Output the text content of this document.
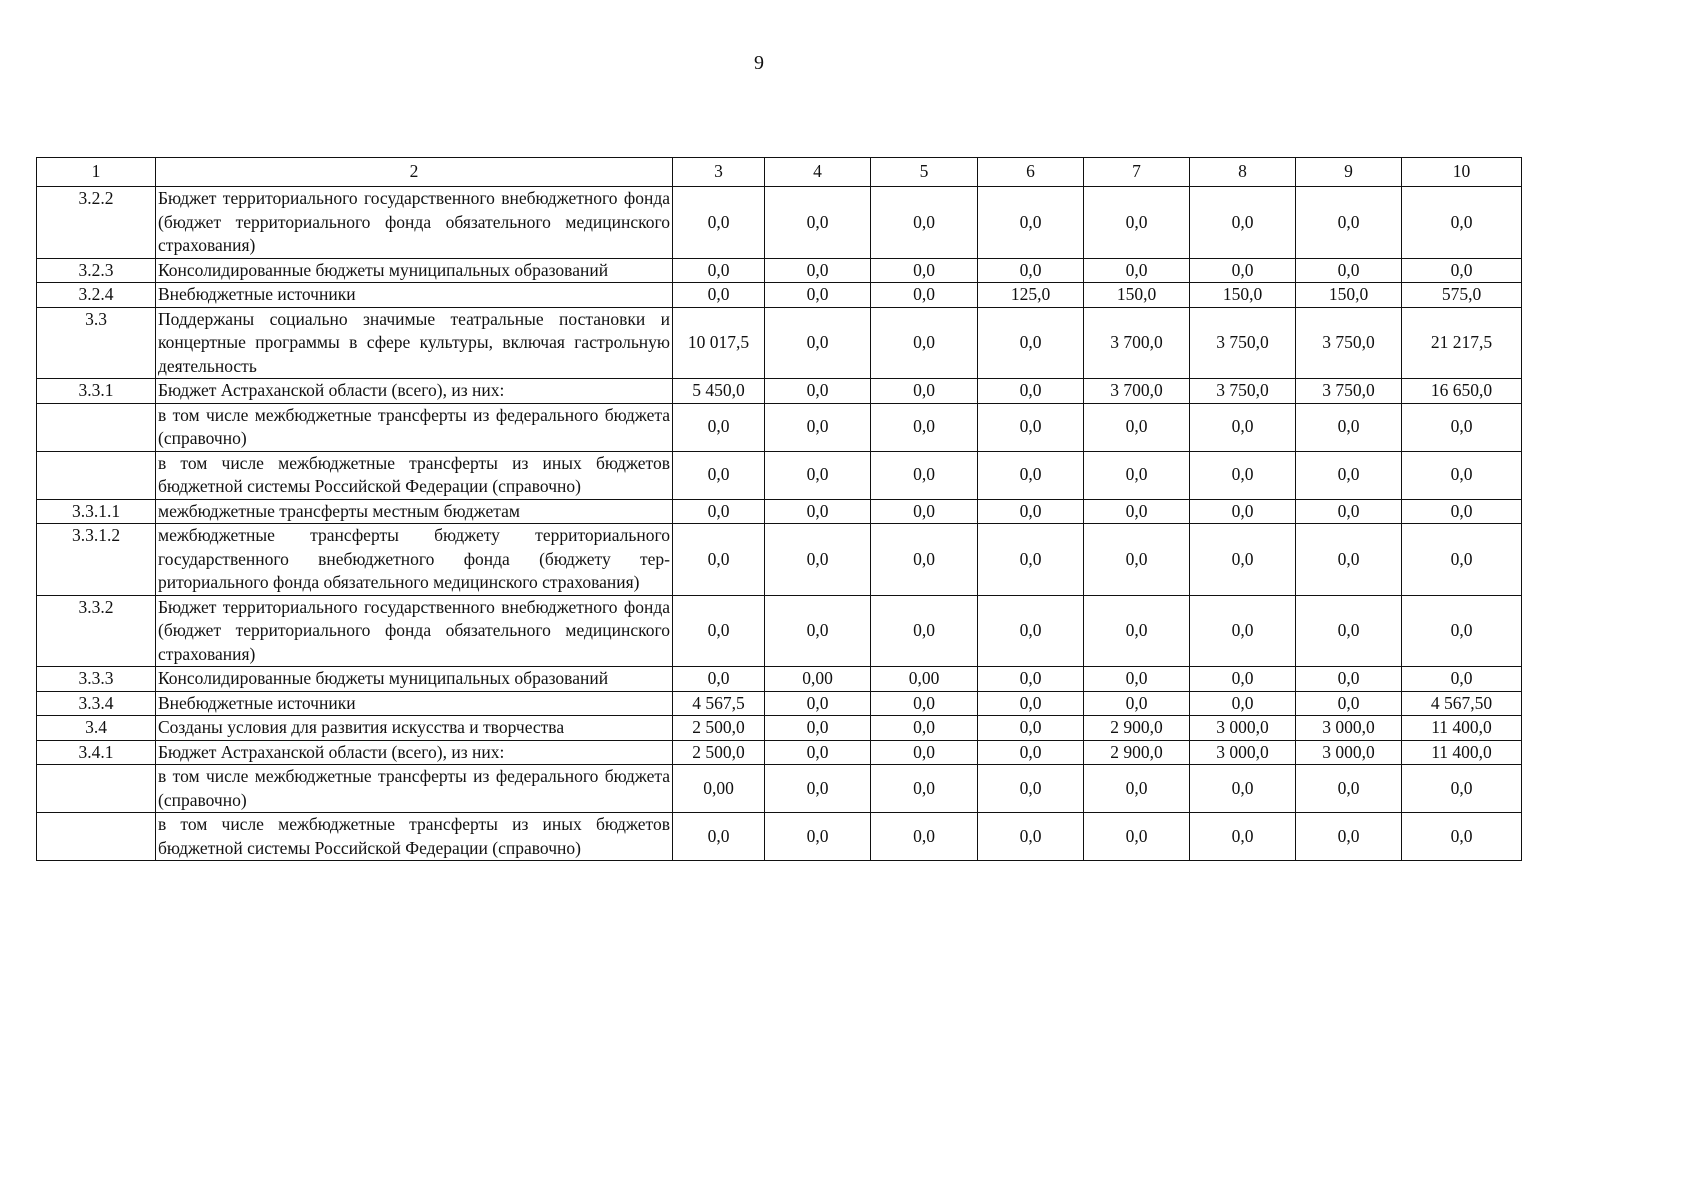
9
1	2	3	4	5	6	7	8	9	10
3.2.2	Бюджет территориального государственного внебюджетного фонда (бюджет территориального фонда обязательного медицинского страхования)	0,0	0,0	0,0	0,0	0,0	0,0	0,0	0,0
3.2.3	Консолидированные бюджеты муниципальных образований	0,0	0,0	0,0	0,0	0,0	0,0	0,0	0,0
3.2.4	Внебюджетные источники	0,0	0,0	0,0	125,0	150,0	150,0	150,0	575,0
3.3	Поддержаны социально значимые театральные постановки и концертные программы в сфере культуры, включая гастрольную деятельность	10 017,5	0,0	0,0	0,0	3 700,0	3 750,0	3 750,0	21 217,5
3.3.1	Бюджет Астраханской области (всего), из них:	5 450,0	0,0	0,0	0,0	3 700,0	3 750,0	3 750,0	16 650,0
	в том числе межбюджетные трансферты из федерального бюджета (справочно)	0,0	0,0	0,0	0,0	0,0	0,0	0,0	0,0
	в том числе межбюджетные трансферты из иных бюджетов бюджетной системы Российской Федерации (справочно)	0,0	0,0	0,0	0,0	0,0	0,0	0,0	0,0
3.3.1.1	межбюджетные трансферты местным бюджетам	0,0	0,0	0,0	0,0	0,0	0,0	0,0	0,0
3.3.1.2	межбюджетные трансферты бюджету территориального государственного внебюджетного фонда (бюджету территориального фонда обязательного медицинского страхования)	0,0	0,0	0,0	0,0	0,0	0,0	0,0	0,0
3.3.2	Бюджет территориального государственного внебюджетного фонда (бюджет территориального фонда обязательного медицинского страхования)	0,0	0,0	0,0	0,0	0,0	0,0	0,0	0,0
3.3.3	Консолидированные бюджеты муниципальных образований	0,0	0,00	0,00	0,0	0,0	0,0	0,0	0,0
3.3.4	Внебюджетные источники	4 567,5	0,0	0,0	0,0	0,0	0,0	0,0	4 567,50
3.4	Созданы условия для развития искусства и творчества	2 500,0	0,0	0,0	0,0	2 900,0	3 000,0	3 000,0	11 400,0
3.4.1	Бюджет Астраханской области (всего), из них:	2 500,0	0,0	0,0	0,0	2 900,0	3 000,0	3 000,0	11 400,0
	в том числе межбюджетные трансферты из федерального бюджета (справочно)	0,00	0,0	0,0	0,0	0,0	0,0	0,0	0,0
	в том числе межбюджетные трансферты из иных бюджетов бюджетной системы Российской Федерации (справочно)	0,0	0,0	0,0	0,0	0,0	0,0	0,0	0,0
